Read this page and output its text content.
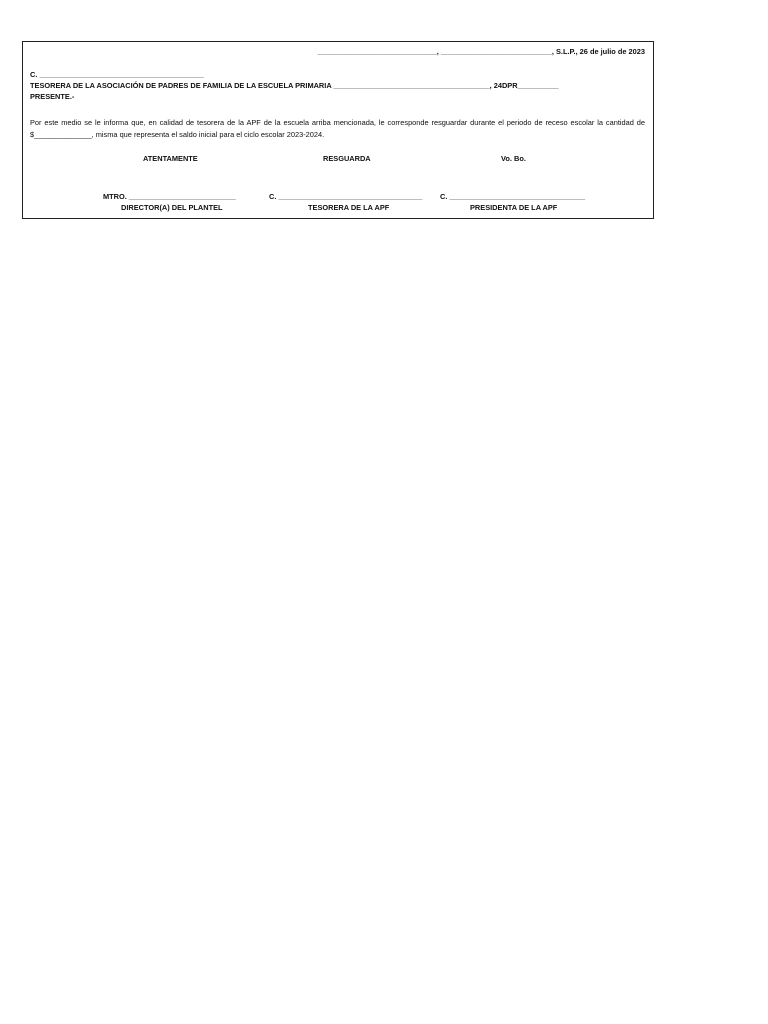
_____________________________, ___________________________, S.L.P., 26 de julio de 2023
C. ________________________________________
TESORERA DE LA ASOCIACIÓN DE PADRES DE FAMILIA DE LA ESCUELA PRIMARIA ______________________________________, 24DPR__________
PRESENTE.-
Por este medio se le informa que, en calidad de tesorera de la APF de la escuela arriba mencionada, le corresponde resguardar durante el periodo de receso escolar la cantidad de $______________, misma que representa el saldo inicial para el ciclo escolar 2023-2024.
ATENTAMENTE	RESGUARDA	Vo. Bo.
MTRO. __________________________
DIRECTOR(A) DEL PLANTEL
C. ___________________________________
TESORERA DE LA APF
C. _________________________________
PRESIDENTA DE LA APF
